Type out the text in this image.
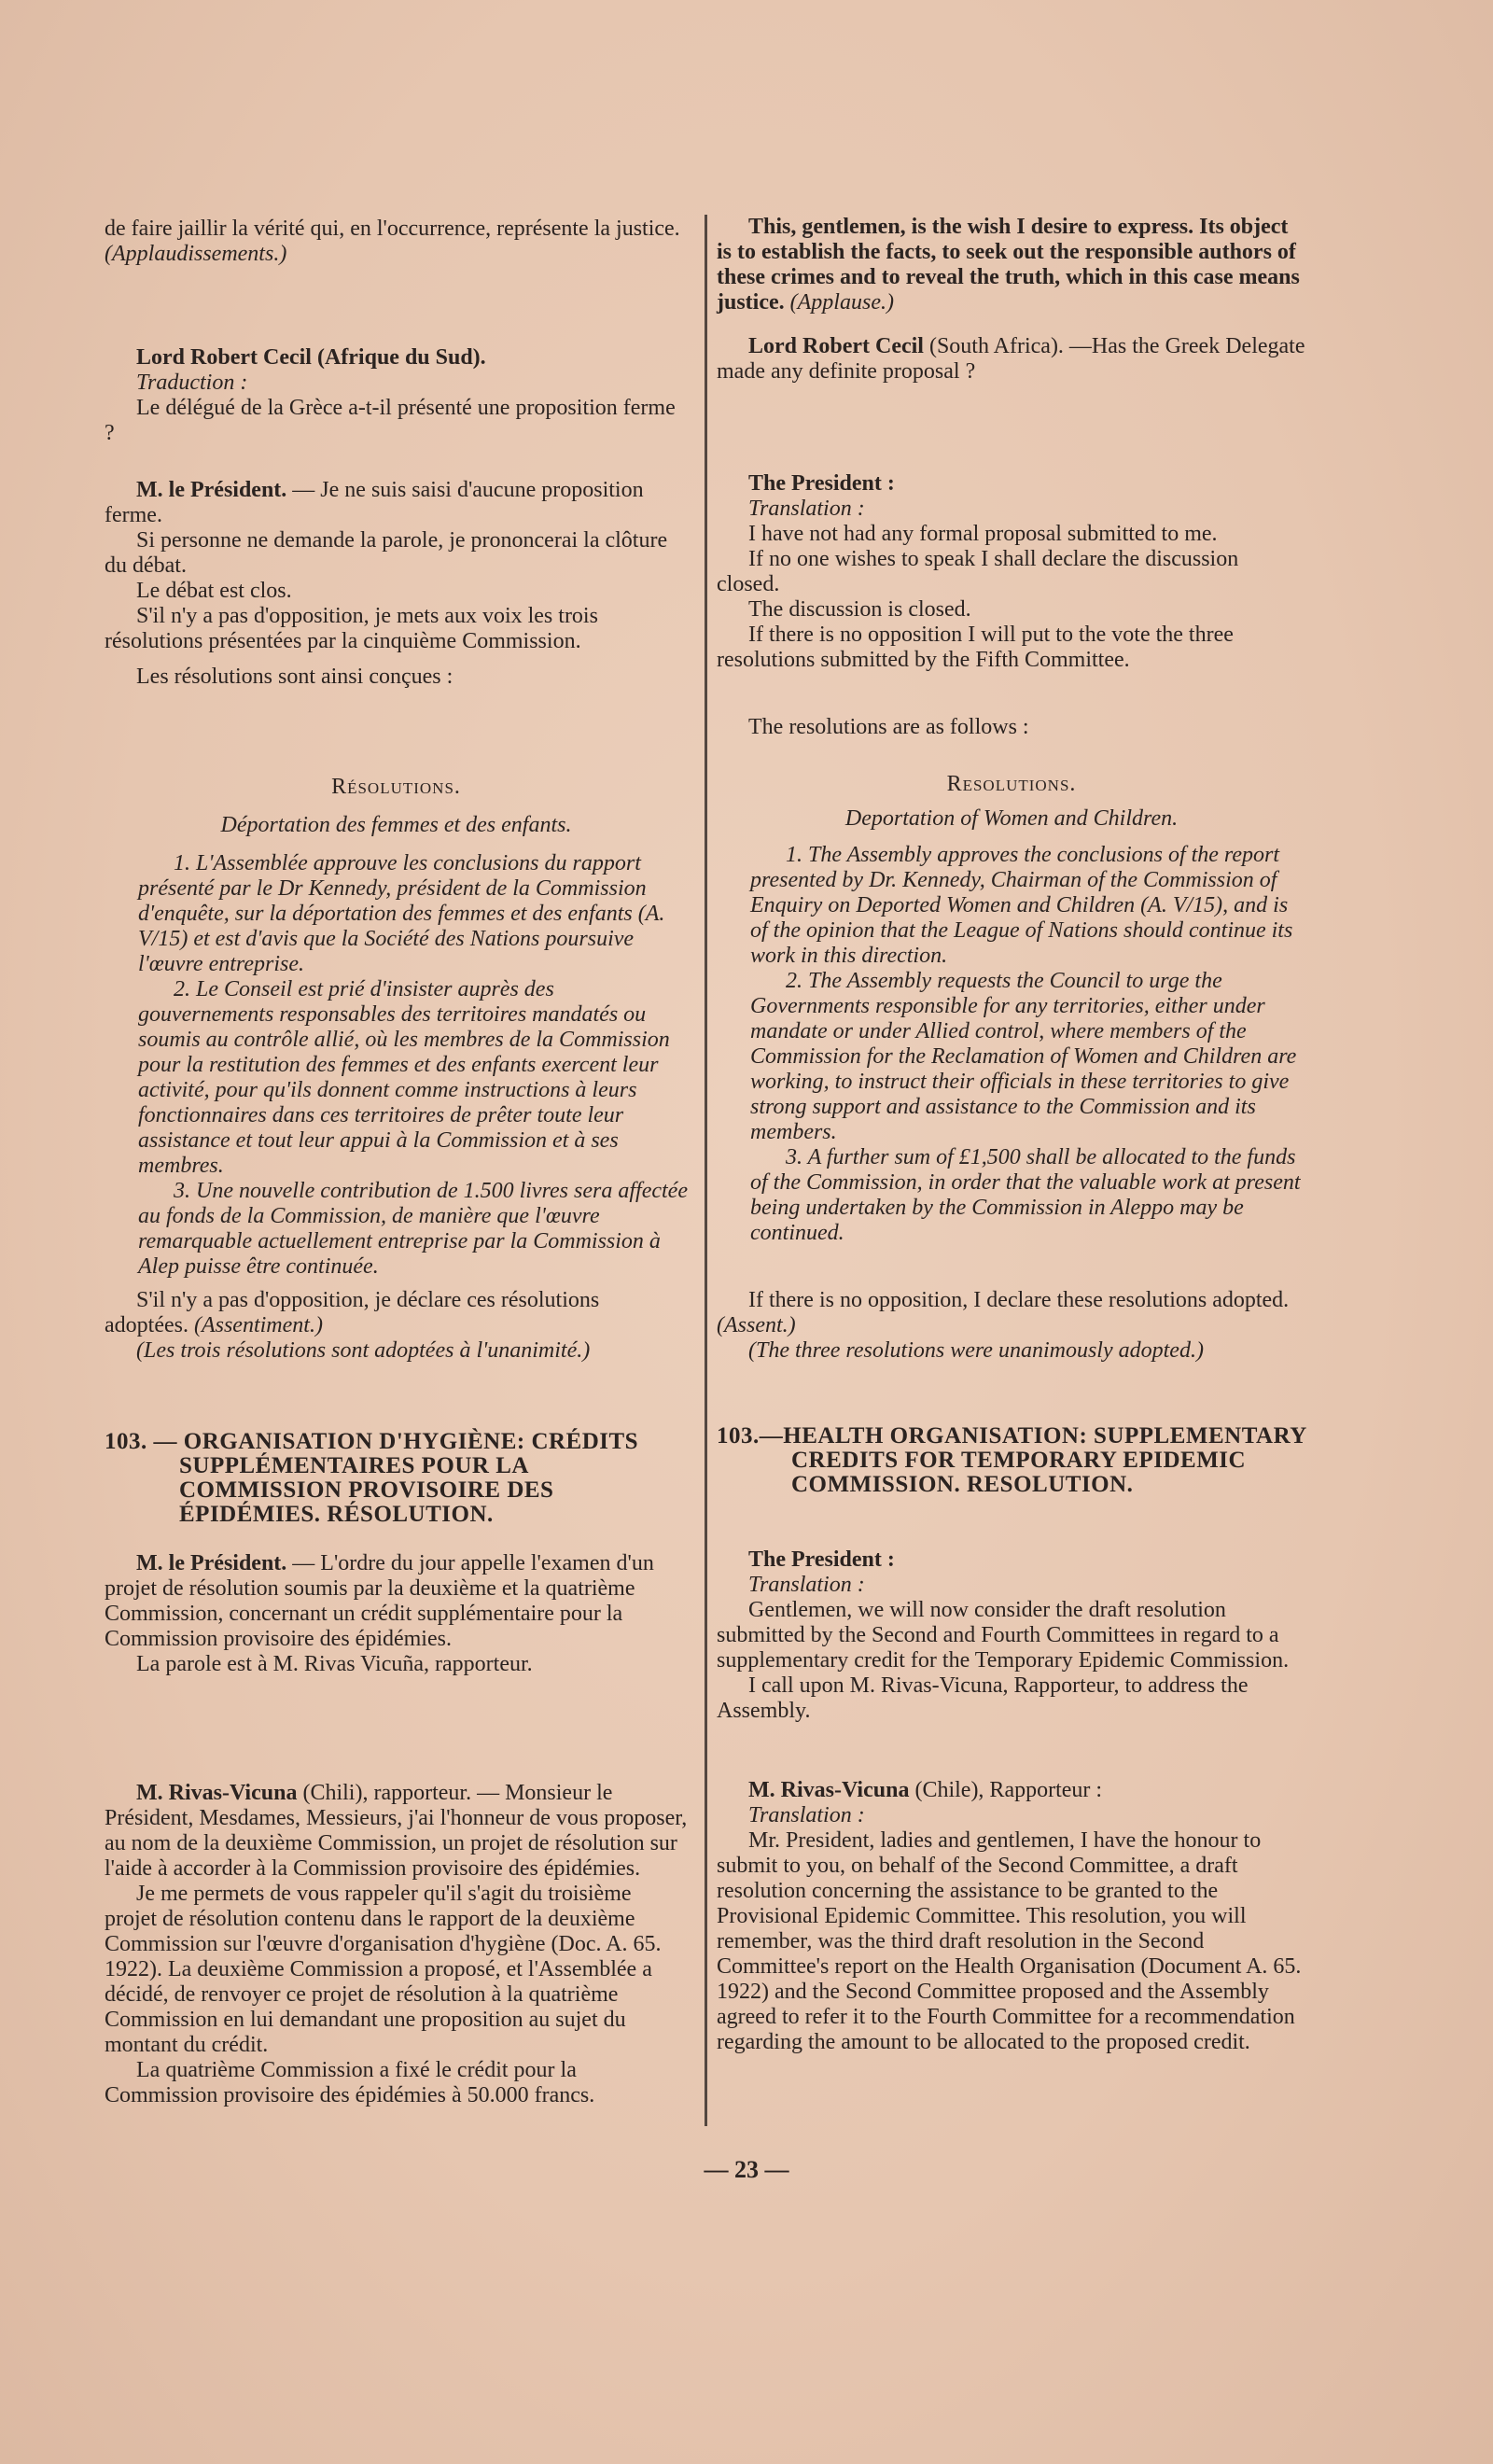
de faire jaillir la vérité qui, en l'occurrence, représente la justice. (Applaudissements.)

Lord Robert Cecil (Afrique du Sud).

Traduction :

Le délégué de la Grèce a-t-il présenté une proposition ferme ?

M. le Président. — Je ne suis saisi d'aucune proposition ferme.

Si personne ne demande la parole, je prononcerai la clôture du débat.

Le débat est clos.

S'il n'y a pas d'opposition, je mets aux voix les trois résolutions présentées par la cinquième Commission.

Les résolutions sont ainsi conçues :

Résolutions.

Déportation des femmes et des enfants.

1. L'Assemblée approuve les conclusions du rapport présenté par le Dr Kennedy, président de la Commission d'enquête, sur la déportation des femmes et des enfants (A. V/15) et est d'avis que la Société des Nations poursuive l'œuvre entreprise.

2. Le Conseil est prié d'insister auprès des gouvernements responsables des territoires mandatés ou soumis au contrôle allié, où les membres de la Commission pour la restitution des femmes et des enfants exercent leur activité, pour qu'ils donnent comme instructions à leurs fonctionnaires dans ces territoires de prêter toute leur assistance et tout leur appui à la Commission et à ses membres.

3. Une nouvelle contribution de 1.500 livres sera affectée au fonds de la Commission, de manière que l'œuvre remarquable actuellement entreprise par la Commission à Alep puisse être continuée.

S'il n'y a pas d'opposition, je déclare ces résolutions adoptées. (Assentiment.)

(Les trois résolutions sont adoptées à l'unanimité.)

103. — ORGANISATION D'HYGIÈNE: CRÉDITS SUPPLÉMENTAIRES POUR LA COMMISSION PROVISOIRE DES ÉPIDÉMIES. RÉSOLUTION.

M. le Président. — L'ordre du jour appelle l'examen d'un projet de résolution soumis par la deuxième et la quatrième Commission, concernant un crédit supplémentaire pour la Commission provisoire des épidémies.

La parole est à M. Rivas Vicuña, rapporteur.

M. Rivas-Vicuna (Chili), rapporteur. — Monsieur le Président, Mesdames, Messieurs, j'ai l'honneur de vous proposer, au nom de la deuxième Commission, un projet de résolution sur l'aide à accorder à la Commission provisoire des épidémies.

Je me permets de vous rappeler qu'il s'agit du troisième projet de résolution contenu dans le rapport de la deuxième Commission sur l'œuvre d'organisation d'hygiène (Doc. A. 65. 1922). La deuxième Commission a proposé, et l'Assemblée a décidé, de renvoyer ce projet de résolution à la quatrième Commission en lui demandant une proposition au sujet du montant du crédit.

La quatrième Commission a fixé le crédit pour la Commission provisoire des épidémies à 50.000 francs.

This, gentlemen, is the wish I desire to express. Its object is to establish the facts, to seek out the responsible authors of these crimes and to reveal the truth, which in this case means justice. (Applause.)

Lord Robert Cecil (South Africa). —Has the Greek Delegate made any definite proposal ?

The President :

Translation :

I have not had any formal proposal submitted to me.

If no one wishes to speak I shall declare the discussion closed.

The discussion is closed.

If there is no opposition I will put to the vote the three resolutions submitted by the Fifth Committee.

The resolutions are as follows :

Resolutions.

Deportation of Women and Children.

1. The Assembly approves the conclusions of the report presented by Dr. Kennedy, Chairman of the Commission of Enquiry on Deported Women and Children (A. V/15), and is of the opinion that the League of Nations should continue its work in this direction.

2. The Assembly requests the Council to urge the Governments responsible for any territories, either under mandate or under Allied control, where members of the Commission for the Reclamation of Women and Children are working, to instruct their officials in these territories to give strong support and assistance to the Commission and its members.

3. A further sum of £1,500 shall be allocated to the funds of the Commission, in order that the valuable work at present being undertaken by the Commission in Aleppo may be continued.

If there is no opposition, I declare these resolutions adopted. (Assent.)

(The three resolutions were unanimously adopted.)

103.—HEALTH ORGANISATION: SUPPLEMENTARY CREDITS FOR TEMPORARY EPIDEMIC COMMISSION. RESOLUTION.

The President :

Translation :

Gentlemen, we will now consider the draft resolution submitted by the Second and Fourth Committees in regard to a supplementary credit for the Temporary Epidemic Commission.

I call upon M. Rivas-Vicuna, Rapporteur, to address the Assembly.

M. Rivas-Vicuna (Chile), Rapporteur :

Translation :

Mr. President, ladies and gentlemen, I have the honour to submit to you, on behalf of the Second Committee, a draft resolution concerning the assistance to be granted to the Provisional Epidemic Committee. This resolution, you will remember, was the third draft resolution in the Second Committee's report on the Health Organisation (Document A. 65. 1922) and the Second Committee proposed and the Assembly agreed to refer it to the Fourth Committee for a recommendation regarding the amount to be allocated to the proposed credit.

— 23 —
